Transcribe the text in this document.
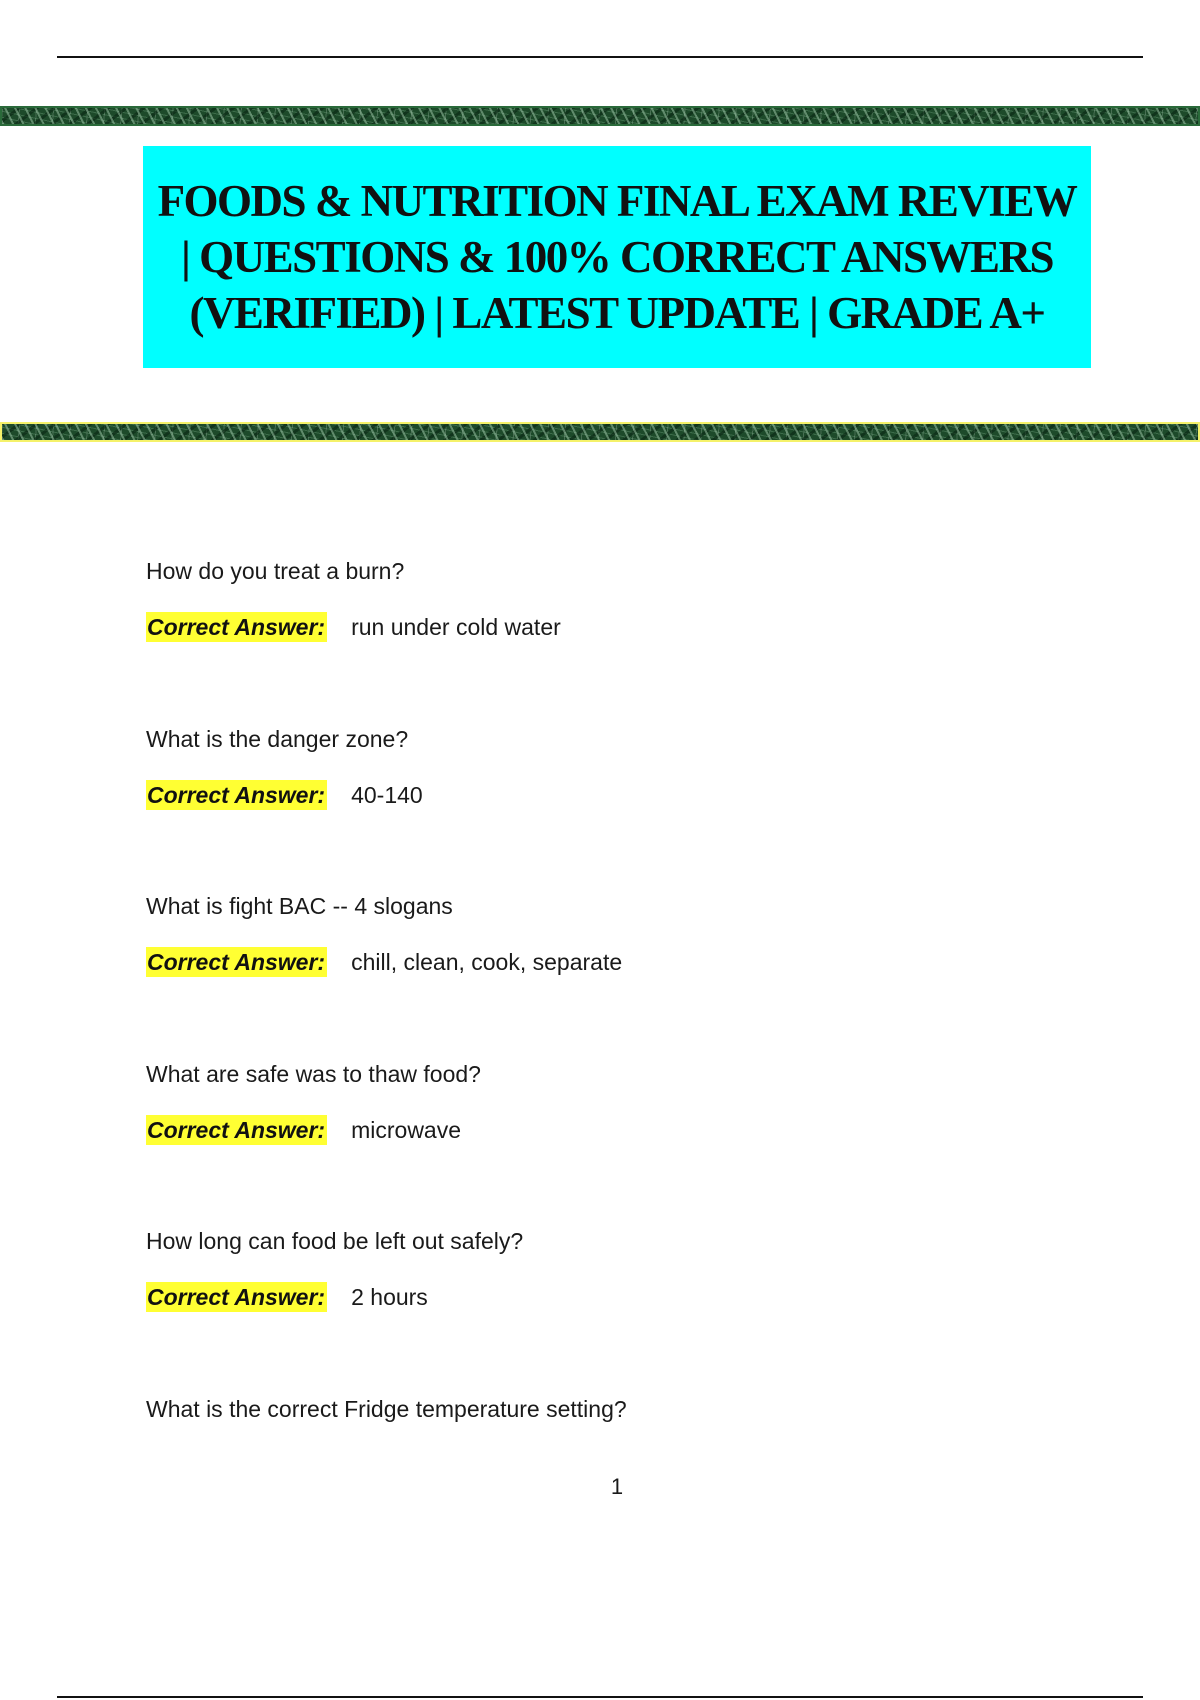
FOODS & NUTRITION FINAL EXAM REVIEW | QUESTIONS & 100% CORRECT ANSWERS (VERIFIED) | LATEST UPDATE | GRADE A+

How do you treat a burn?

Correct Answer: run under cold water

What is the danger zone?

Correct Answer: 40-140

What is fight BAC -- 4 slogans

Correct Answer: chill, clean, cook, separate

What are safe was to thaw food?

Correct Answer: microwave

How long can food be left out safely?

Correct Answer: 2 hours

What is the correct Fridge temperature setting?

1
